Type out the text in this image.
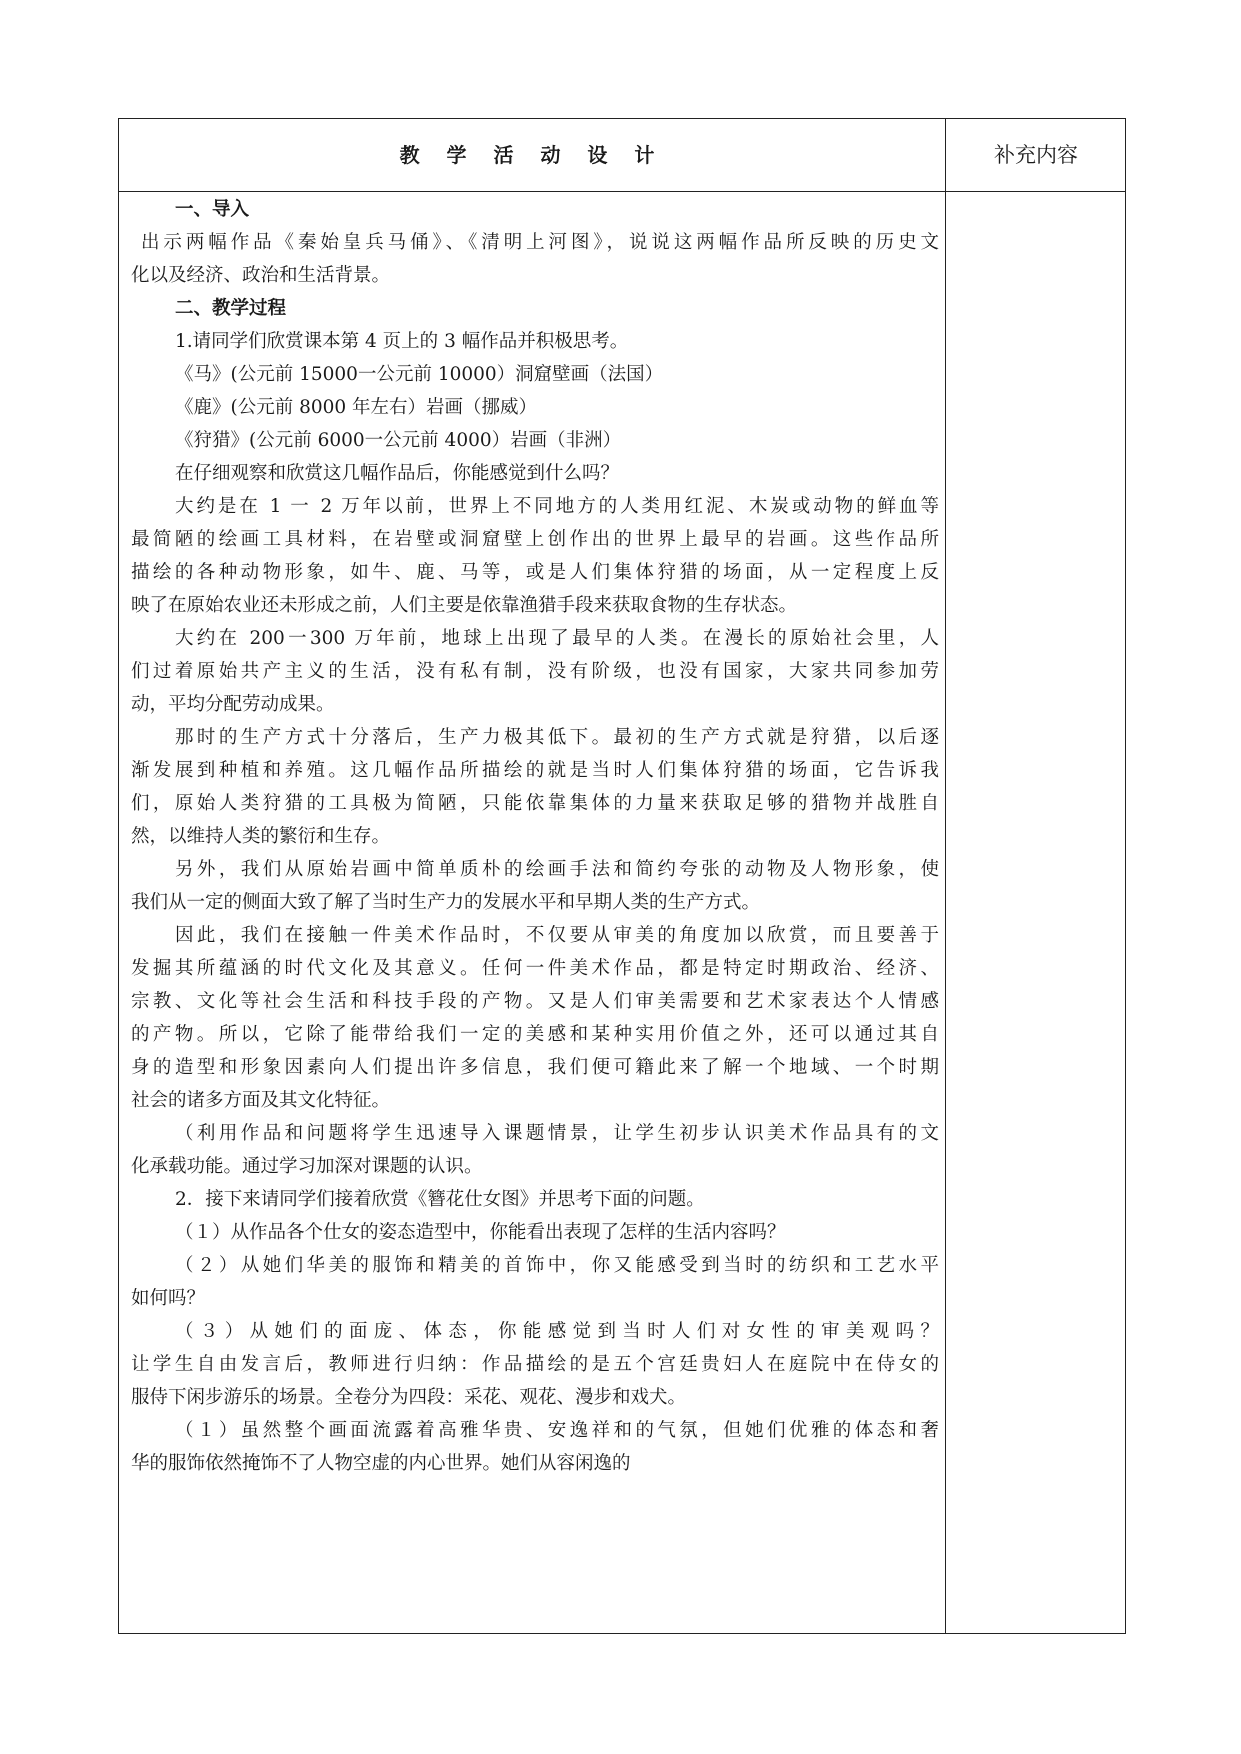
教 学 活 动 设 计	补充内容
一、导入
出示两幅作品《秦始皇兵马俑》、《清明上河图》，说说这两幅作品所反映的历史文
化以及经济、政治和生活背景。
二、教学过程
1.请同学们欣赏课本第 4 页上的 3 幅作品并积极思考。
《马》(公元前 15000一公元前 10000）洞窟壁画（法国）
《鹿》(公元前 8000 年左右）岩画（挪威）
《狩猎》(公元前 6000一公元前 4000）岩画（非洲）
在仔细观察和欣赏这几幅作品后，你能感觉到什么吗？
大约是在 1 一 2 万年以前，世界上不同地方的人类用红泥、木炭或动物的鲜血等
最简陋的绘画工具材料，在岩壁或洞窟壁上创作出的世界上最早的岩画。这些作品所
描绘的各种动物形象，如牛、鹿、马等，或是人们集体狩猎的场面，从一定程度上反
映了在原始农业还未形成之前，人们主要是依靠渔猎手段来获取食物的生存状态。
大约在 200一300 万年前，地球上出现了最早的人类。在漫长的原始社会里，人
们过着原始共产主义的生活，没有私有制，没有阶级，也没有国家，大家共同参加劳
动，平均分配劳动成果。
那时的生产方式十分落后，生产力极其低下。最初的生产方式就是狩猎，以后逐
渐发展到种植和养殖。这几幅作品所描绘的就是当时人们集体狩猎的场面，它告诉我
们，原始人类狩猎的工具极为简陋，只能依靠集体的力量来获取足够的猎物并战胜自
然，以维持人类的繁衍和生存。
另外，我们从原始岩画中简单质朴的绘画手法和简约夸张的动物及人物形象，使
我们从一定的侧面大致了解了当时生产力的发展水平和早期人类的生产方式。
因此，我们在接触一件美术作品时，不仅要从审美的角度加以欣赏，而且要善于
发掘其所蕴涵的时代文化及其意义。任何一件美术作品，都是特定时期政治、经济、
宗教、文化等社会生活和科技手段的产物。又是人们审美需要和艺术家表达个人情感
的产物。所以，它除了能带给我们一定的美感和某种实用价值之外，还可以通过其自
身的造型和形象因素向人们提出许多信息，我们便可籍此来了解一个地域、一个时期
社会的诸多方面及其文化特征。
（利用作品和问题将学生迅速导入课题情景，让学生初步认识美术作品具有的文
化承载功能。通过学习加深对课题的认识。
2．接下来请同学们接着欣赏《簪花仕女图》并思考下面的问题。
（１）从作品各个仕女的姿态造型中，你能看出表现了怎样的生活内容吗？
（２）从她们华美的服饰和精美的首饰中，你又能感受到当时的纺织和工艺水平
如何吗？
（３）从她们的面庞、体态，你能感觉到当时人们对女性的审美观吗？
让学生自由发言后，教师进行归纳：作品描绘的是五个宫廷贵妇人在庭院中在侍女的
服侍下闲步游乐的场景。全卷分为四段：采花、观花、漫步和戏犬。
（１）虽然整个画面流露着高雅华贵、安逸祥和的气氛，但她们优雅的体态和奢
华的服饰依然掩饰不了人物空虚的内心世界。她们从容闲逸的
